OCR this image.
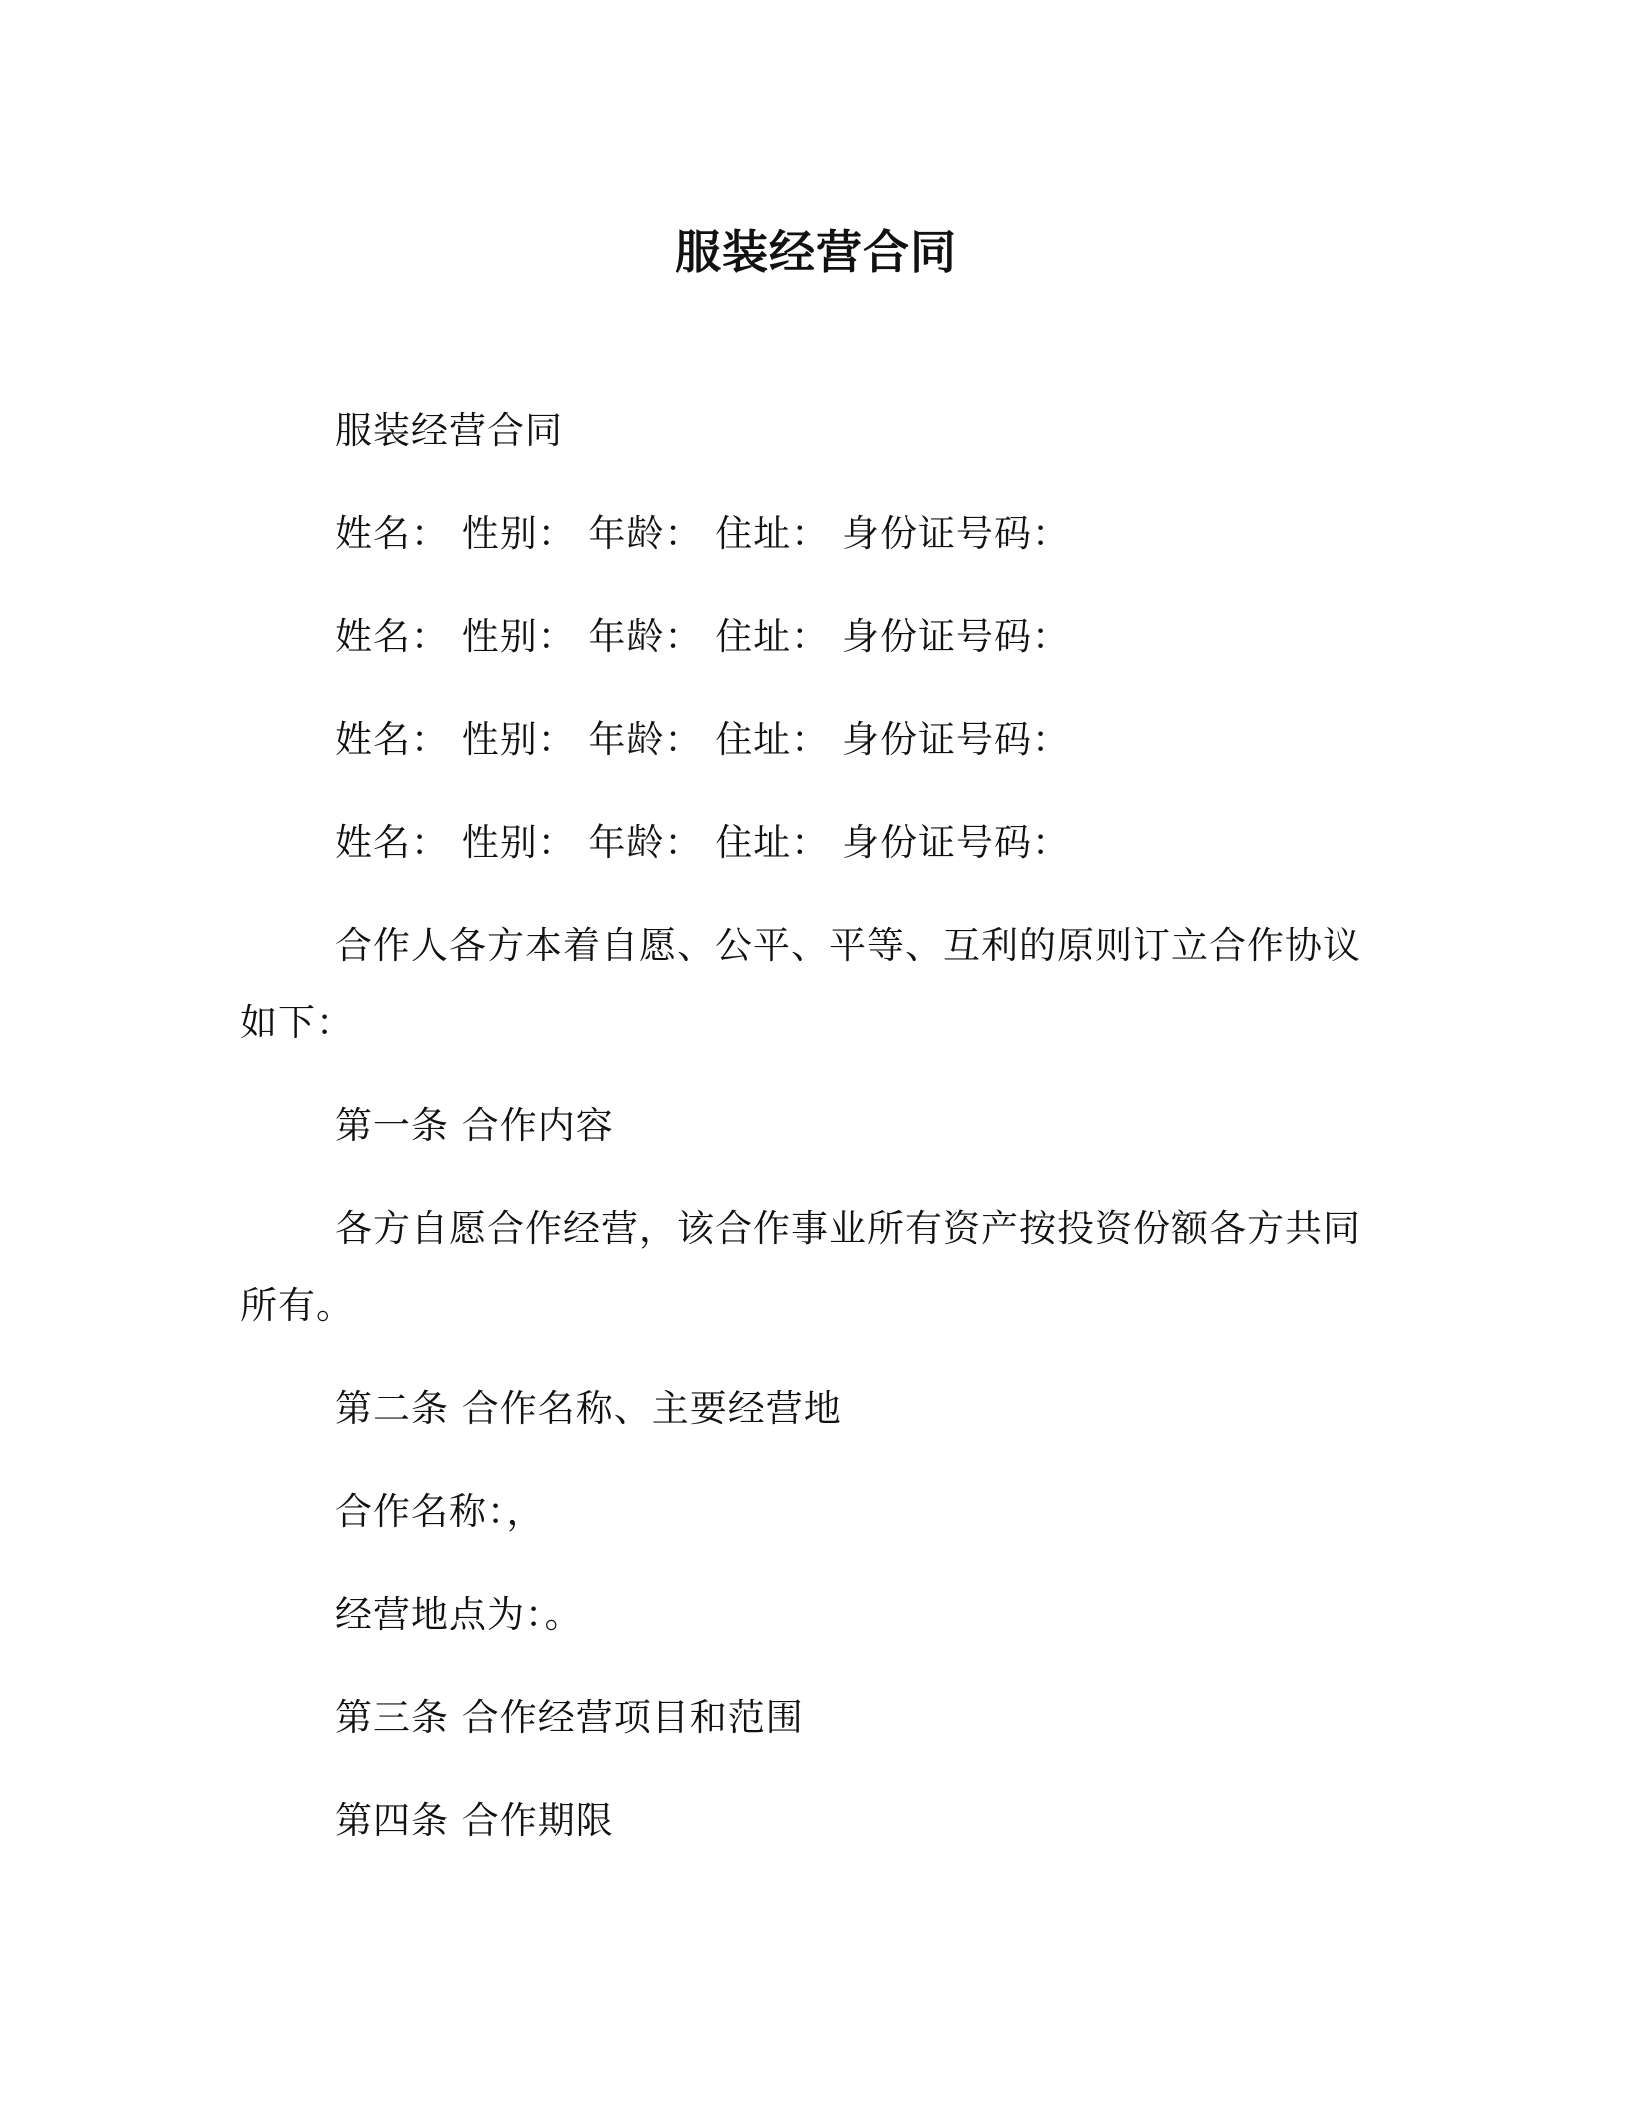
服装经营合同

服装经营合同

姓名： 性别： 年龄： 住址： 身份证号码：

姓名： 性别： 年龄： 住址： 身份证号码：

姓名： 性别： 年龄： 住址： 身份证号码：

姓名： 性别： 年龄： 住址： 身份证号码：

合作人各方本着自愿、公平、平等、互利的原则订立合作协议如下：

第一条 合作内容

各方自愿合作经营，该合作事业所有资产按投资份额各方共同所有。

第二条 合作名称、主要经营地

合作名称：，

经营地点为：。

第三条 合作经营项目和范围

第四条 合作期限
